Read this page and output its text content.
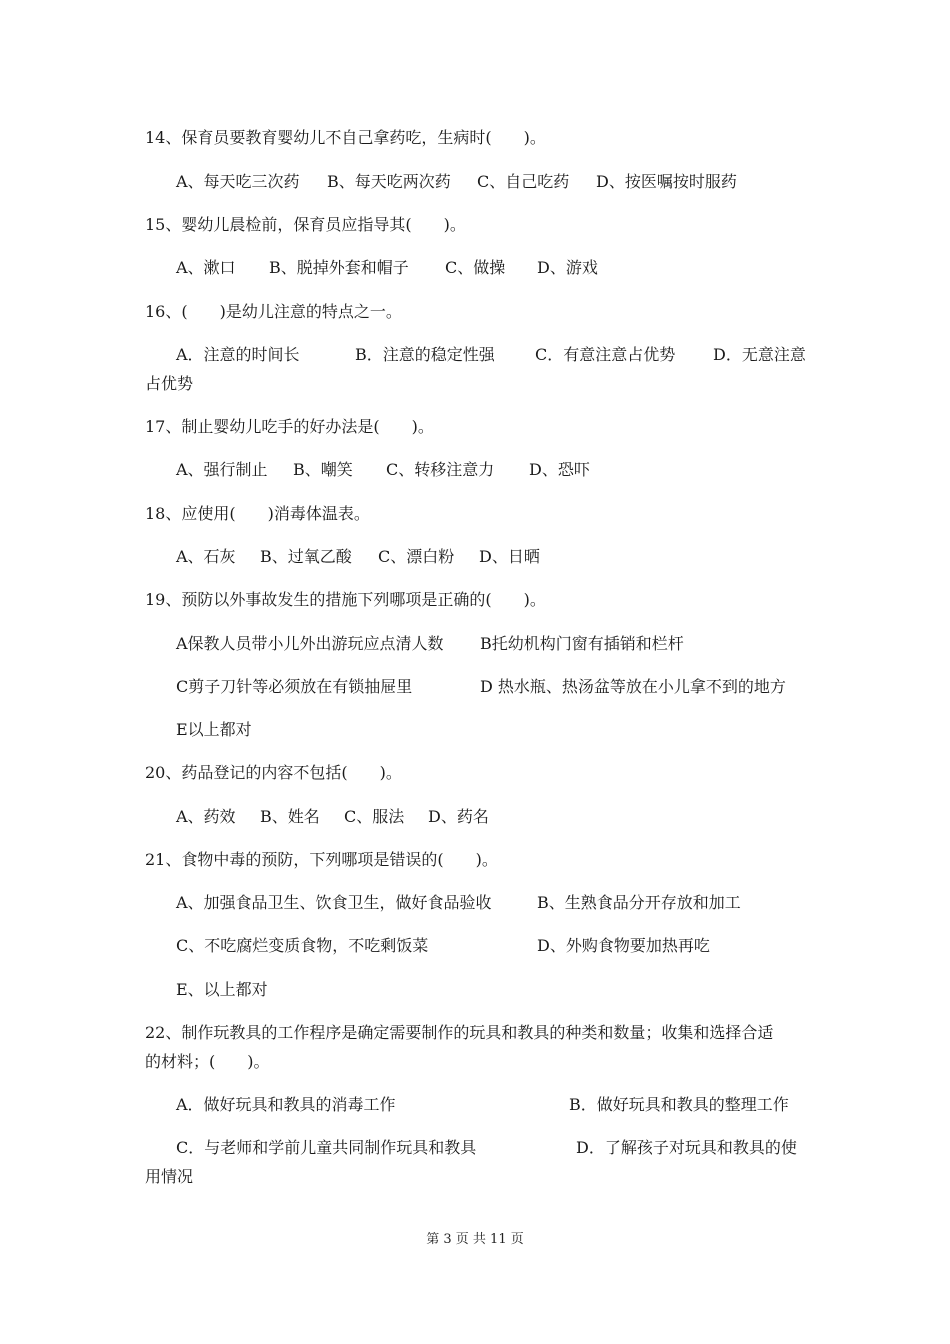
14、保育员要教育婴幼儿不自己拿药吃，生病时(　　)。
A、每天吃三次药	B、每天吃两次药	C、自己吃药	D、按医嘱按时服药
15、婴幼儿晨检前，保育员应指导其(　　)。
A、漱口	B、脱掉外套和帽子	C、做操	D、游戏
16、(　　)是幼儿注意的特点之一。
A．注意的时间长	B．注意的稳定性强	C．有意注意占优势	D．无意注意
占优势
17、制止婴幼儿吃手的好办法是(　　)。
A、强行制止	B、嘲笑	C、转移注意力	D、恐吓
18、应使用(　　)消毒体温表。
A、石灰	B、过氧乙酸	C、漂白粉	D、日晒
19、预防以外事故发生的措施下列哪项是正确的(　　)。
A保教人员带小儿外出游玩应点清人数	B托幼机构门窗有插销和栏杆
C剪子刀针等必须放在有锁抽屉里	D 热水瓶、热汤盆等放在小儿拿不到的地方
E以上都对
20、药品登记的内容不包括(　　)。
A、药效	B、姓名	C、服法	D、药名
21、食物中毒的预防，下列哪项是错误的(　　)。
A、加强食品卫生、饮食卫生，做好食品验收	B、生熟食品分开存放和加工
C、不吃腐烂变质食物，不吃剩饭菜	D、外购食物要加热再吃
E、以上都对
22、制作玩教具的工作程序是确定需要制作的玩具和教具的种类和数量；收集和选择合适
的材料；(　　)。
A．做好玩具和教具的消毒工作	B．做好玩具和教具的整理工作
C．与老师和学前儿童共同制作玩具和教具	D．了解孩子对玩具和教具的使
用情况
第 3 页 共 11 页
